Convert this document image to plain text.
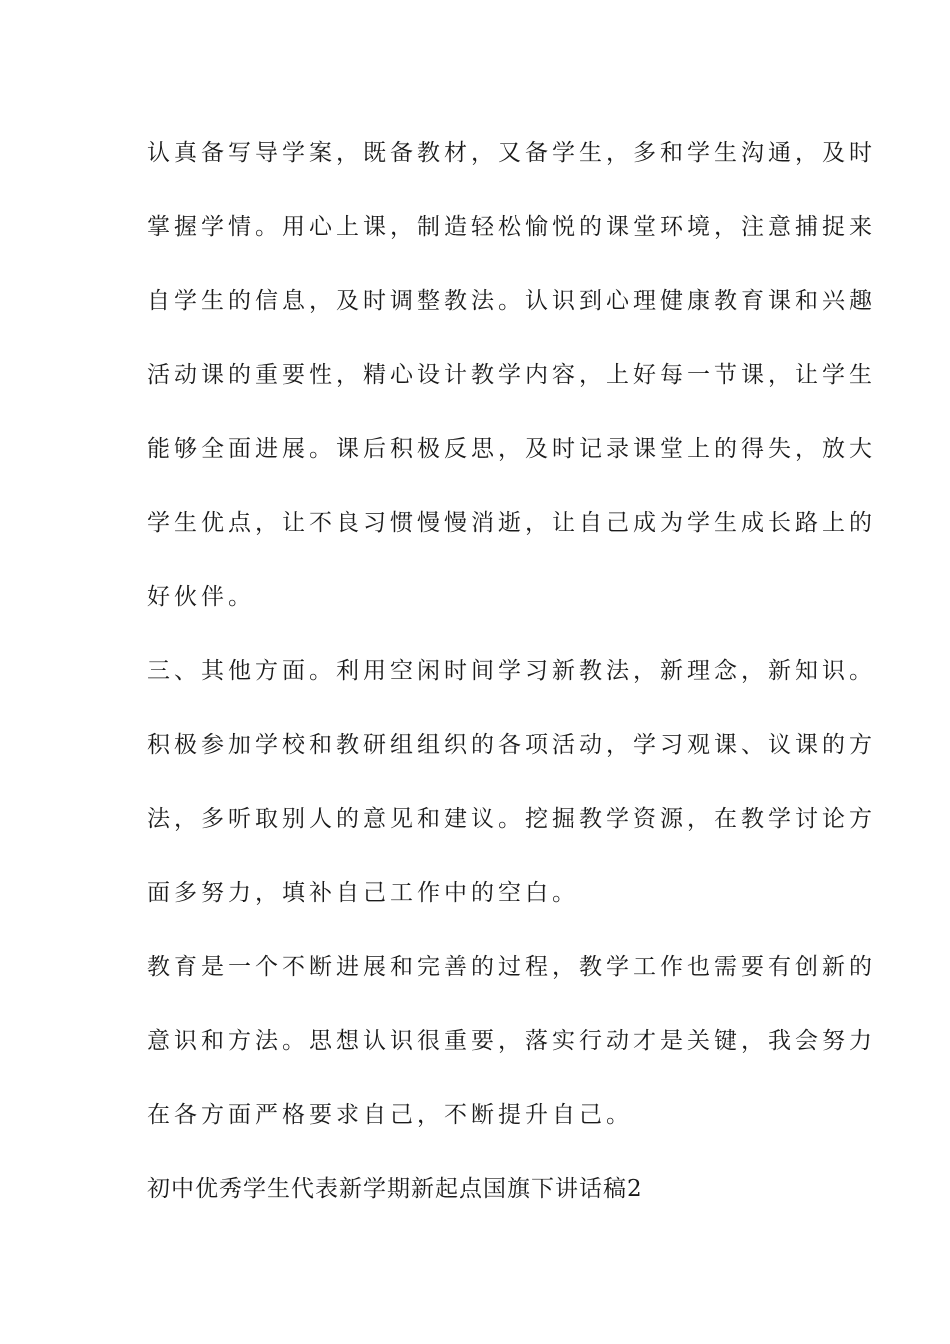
认真备写导学案，既备教材，又备学生，多和学生沟通，及时
掌握学情。用心上课，制造轻松愉悦的课堂环境，注意捕捉来
自学生的信息，及时调整教法。认识到心理健康教育课和兴趣
活动课的重要性，精心设计教学内容，上好每一节课，让学生
能够全面进展。课后积极反思，及时记录课堂上的得失，放大
学生优点，让不良习惯慢慢消逝，让自己成为学生成长路上的
好伙伴。
三、其他方面。利用空闲时间学习新教法，新理念，新知识。
积极参加学校和教研组组织的各项活动，学习观课、议课的方
法，多听取别人的意见和建议。挖掘教学资源，在教学讨论方
面多努力，填补自己工作中的空白。
教育是一个不断进展和完善的过程，教学工作也需要有创新的
意识和方法。思想认识很重要，落实行动才是关键，我会努力
在各方面严格要求自己，不断提升自己。
初中优秀学生代表新学期新起点国旗下讲话稿2
